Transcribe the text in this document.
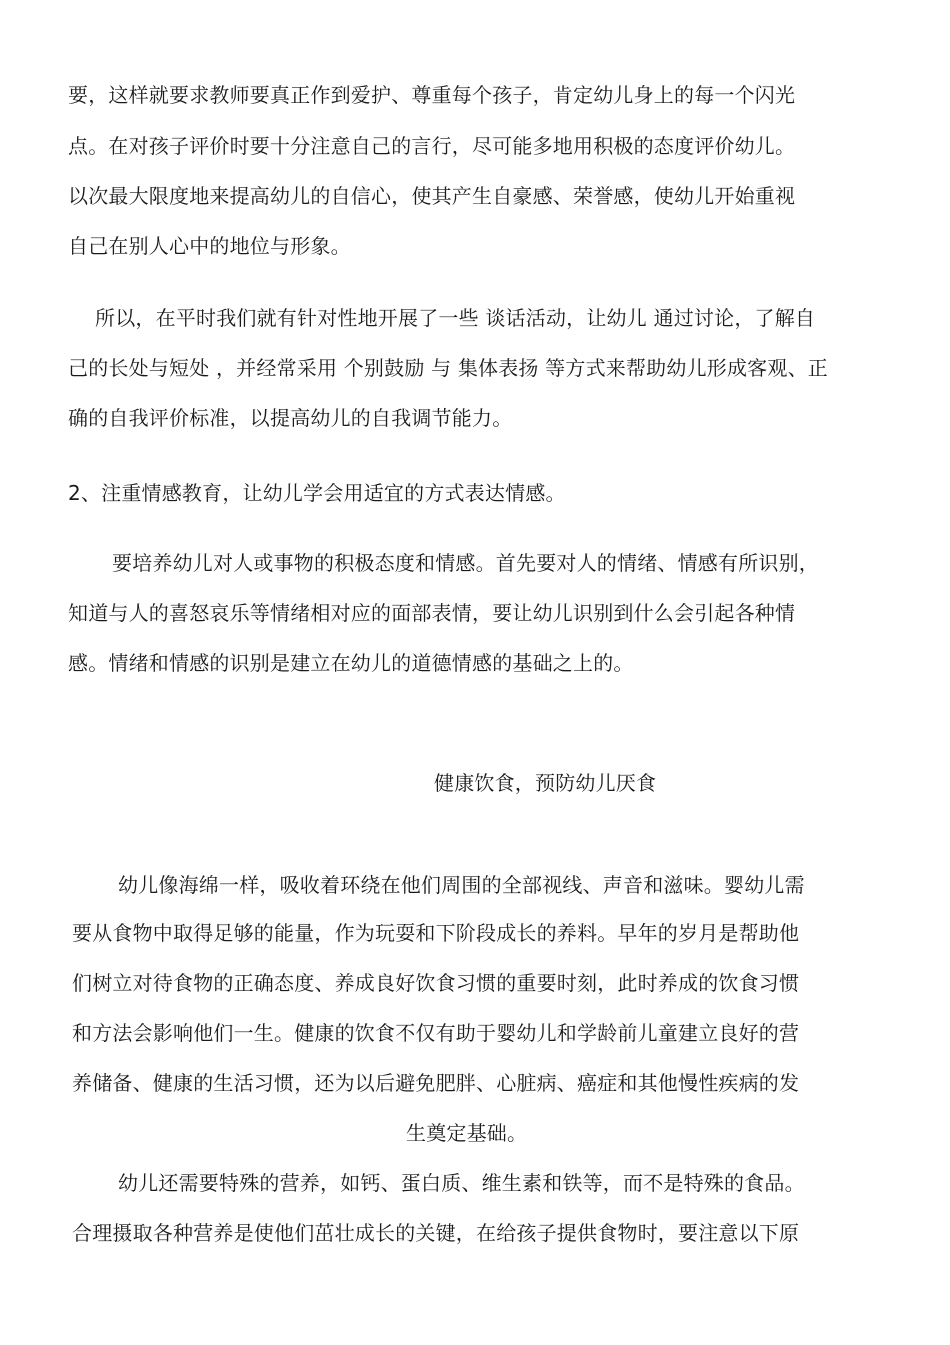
要，这样就要求教师要真正作到爱护、尊重每个孩子，肯定幼儿身上的每一个闪光
点。在对孩子评价时要十分注意自己的言行，尽可能多地用积极的态度评价幼儿。
以次最大限度地来提高幼儿的自信心，使其产生自豪感、荣誉感，使幼儿开始重视
自己在别人心中的地位与形象。
所以，在平时我们就有针对性地开展了一些 谈话活动，让幼儿 通过讨论，了解自
己的长处与短处 ，并经常采用 个别鼓励 与 集体表扬 等方式来帮助幼儿形成客观、正
确的自我评价标准，以提高幼儿的自我调节能力。
2、注重情感教育，让幼儿学会用适宜的方式表达情感。
要培养幼儿对人或事物的积极态度和情感。首先要对人的情绪、情感有所识别，
知道与人的喜怒哀乐等情绪相对应的面部表情，要让幼儿识别到什么会引起各种情
感。情绪和情感的识别是建立在幼儿的道德情感的基础之上的。
健康饮食，预防幼儿厌食
幼儿像海绵一样，吸收着环绕在他们周围的全部视线、声音和滋味。婴幼儿需
要从食物中取得足够的能量，作为玩耍和下阶段成长的养料。早年的岁月是帮助他
们树立对待食物的正确态度、养成良好饮食习惯的重要时刻，此时养成的饮食习惯
和方法会影响他们一生。健康的饮食不仅有助于婴幼儿和学龄前儿童建立良好的营
养储备、健康的生活习惯，还为以后避免肥胖、心脏病、癌症和其他慢性疾病的发
生奠定基础。
幼儿还需要特殊的营养，如钙、蛋白质、维生素和铁等，而不是特殊的食品。
合理摄取各种营养是使他们茁壮成长的关键，在给孩子提供食物时，要注意以下原
